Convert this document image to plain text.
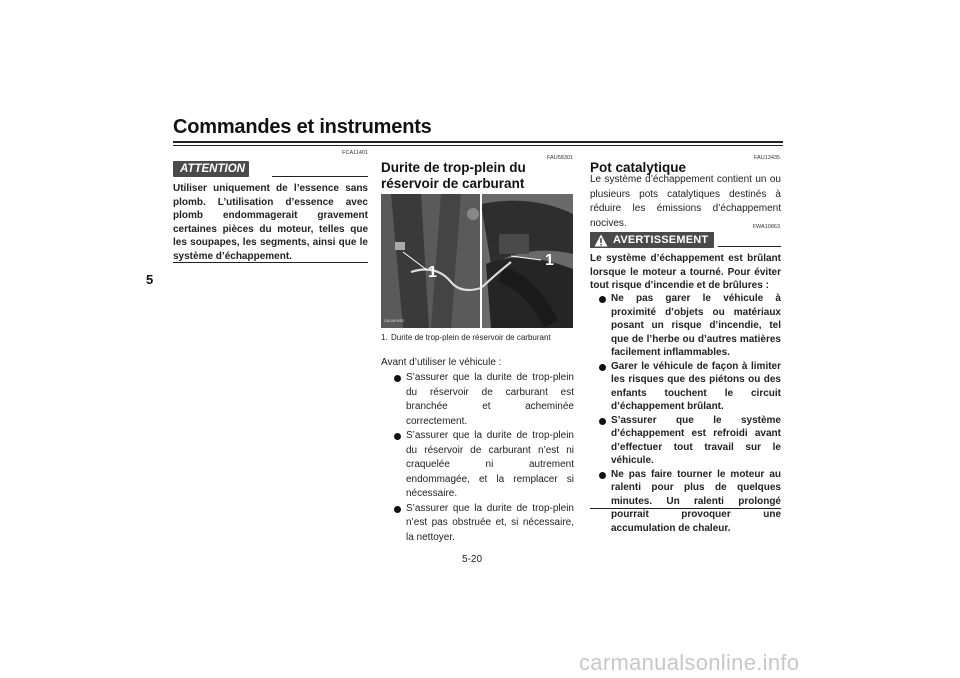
Commandes et instruments
5
FCA11401
ATTENTION
Utiliser uniquement de l’essence sans plomb. L’utilisation d’essence avec plomb endommagerait gravement certaines pièces du moteur, telles que les soupapes, les segments, ainsi que le système d’échappement.
FAU58301
Durite de trop-plein du réservoir de carburant
1
1
ZAUM0652
1. Durite de trop-plein de réservoir de carburant
Avant d’utiliser le véhicule :
S’assurer que la durite de trop-plein du réservoir de carburant est branchée et acheminée correctement.
S’assurer que la durite de trop-plein du réservoir de carburant n’est ni craquelée ni autrement endommagée, et la remplacer si nécessaire.
S’assurer que la durite de trop-plein n’est pas obstruée et, si nécessaire, la nettoyer.
FAU13435
Pot catalytique
Le système d’échappement contient un ou plusieurs pots catalytiques destinés à réduire les émissions d’échappement nocives.	FWA10863
AVERTISSEMENT
Le système d’échappement est brûlant lorsque le moteur a tourné. Pour éviter tout risque d’incendie et de brûlures :
Ne pas garer le véhicule à proximité d’objets ou matériaux posant un risque d’incendie, tel que de l’herbe ou d’autres matières facilement inflammables.
Garer le véhicule de façon à limiter les risques que des piétons ou des enfants touchent le circuit d’échappement brûlant.
S’assurer que le système d’échappement est refroidi avant d’effectuer tout travail sur le véhicule.
Ne pas faire tourner le moteur au ralenti pour plus de quelques minutes. Un ralenti prolongé pourrait provoquer une accumulation de chaleur.
5-20
carmanualsonline.info
